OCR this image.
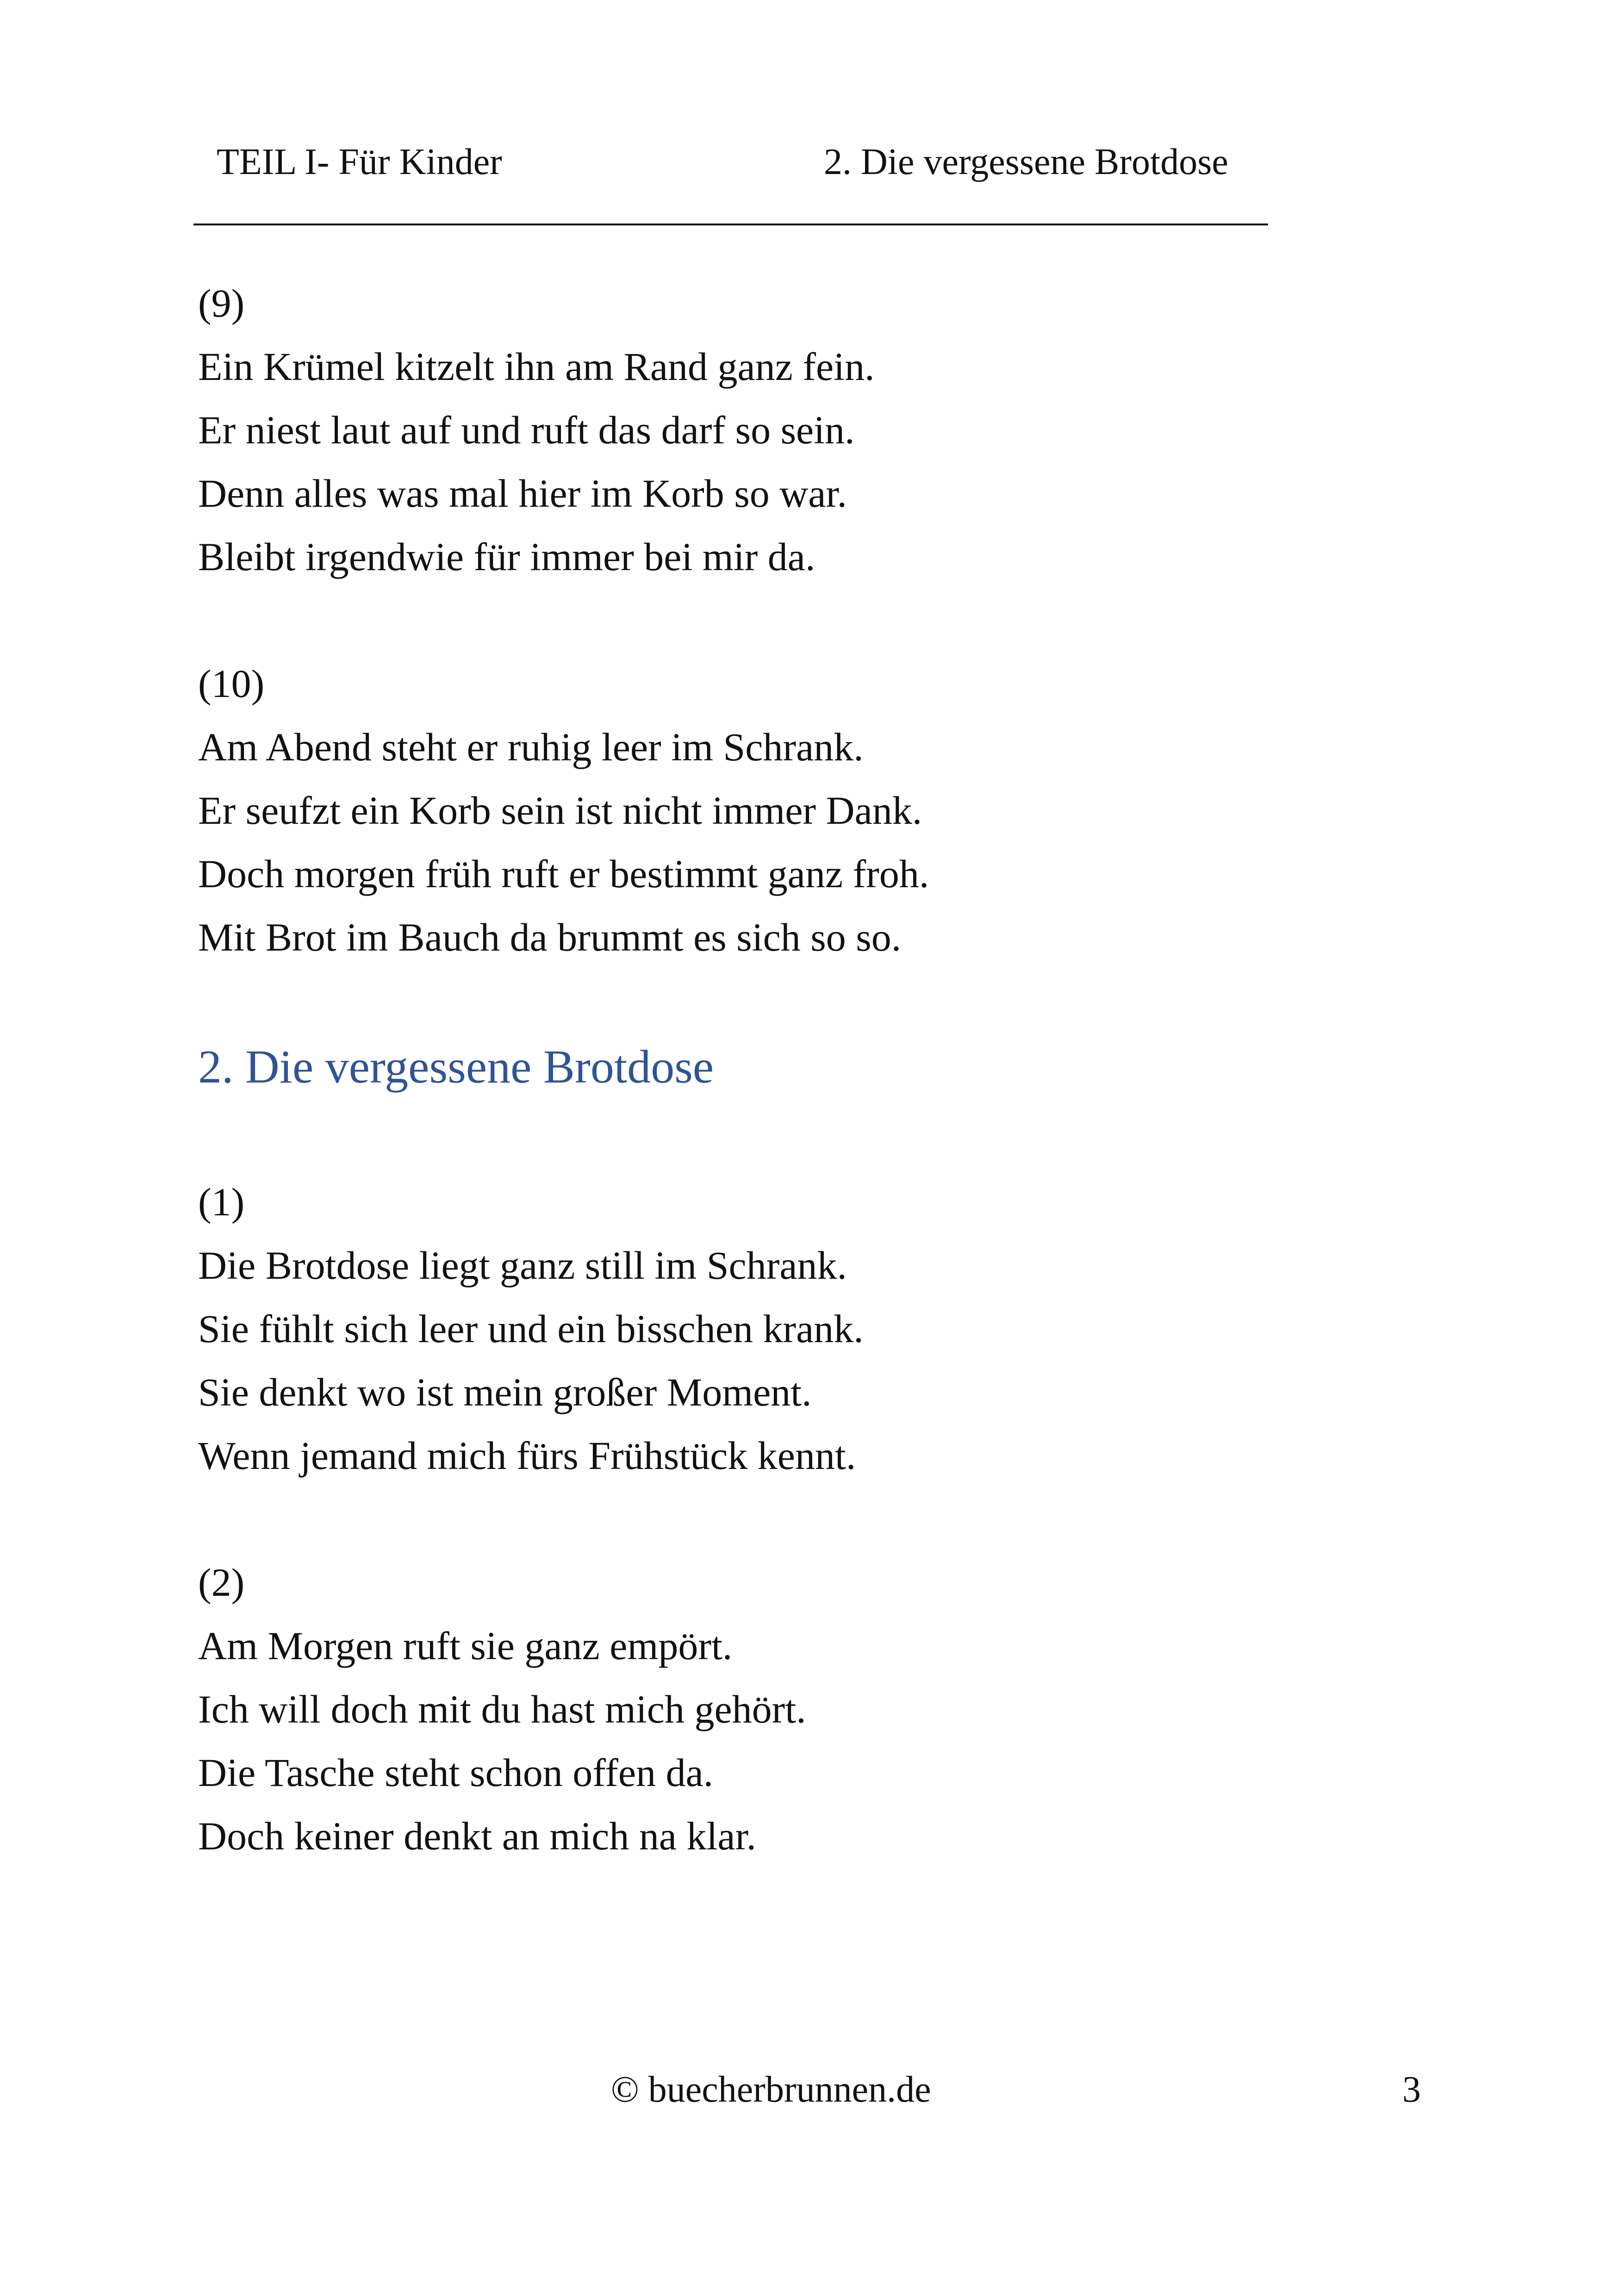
TEIL I- Für Kinder	2. Die vergessene Brotdose
(9)
Ein Krümel kitzelt ihn am Rand ganz fein.
Er niest laut auf und ruft das darf so sein.
Denn alles was mal hier im Korb so war.
Bleibt irgendwie für immer bei mir da.
(10)
Am Abend steht er ruhig leer im Schrank.
Er seufzt ein Korb sein ist nicht immer Dank.
Doch morgen früh ruft er bestimmt ganz froh.
Mit Brot im Bauch da brummt es sich so so.
2. Die vergessene Brotdose
(1)
Die Brotdose liegt ganz still im Schrank.
Sie fühlt sich leer und ein bisschen krank.
Sie denkt wo ist mein großer Moment.
Wenn jemand mich fürs Frühstück kennt.
(2)
Am Morgen ruft sie ganz empört.
Ich will doch mit du hast mich gehört.
Die Tasche steht schon offen da.
Doch keiner denkt an mich na klar.
© buecherbrunnen.de	3
